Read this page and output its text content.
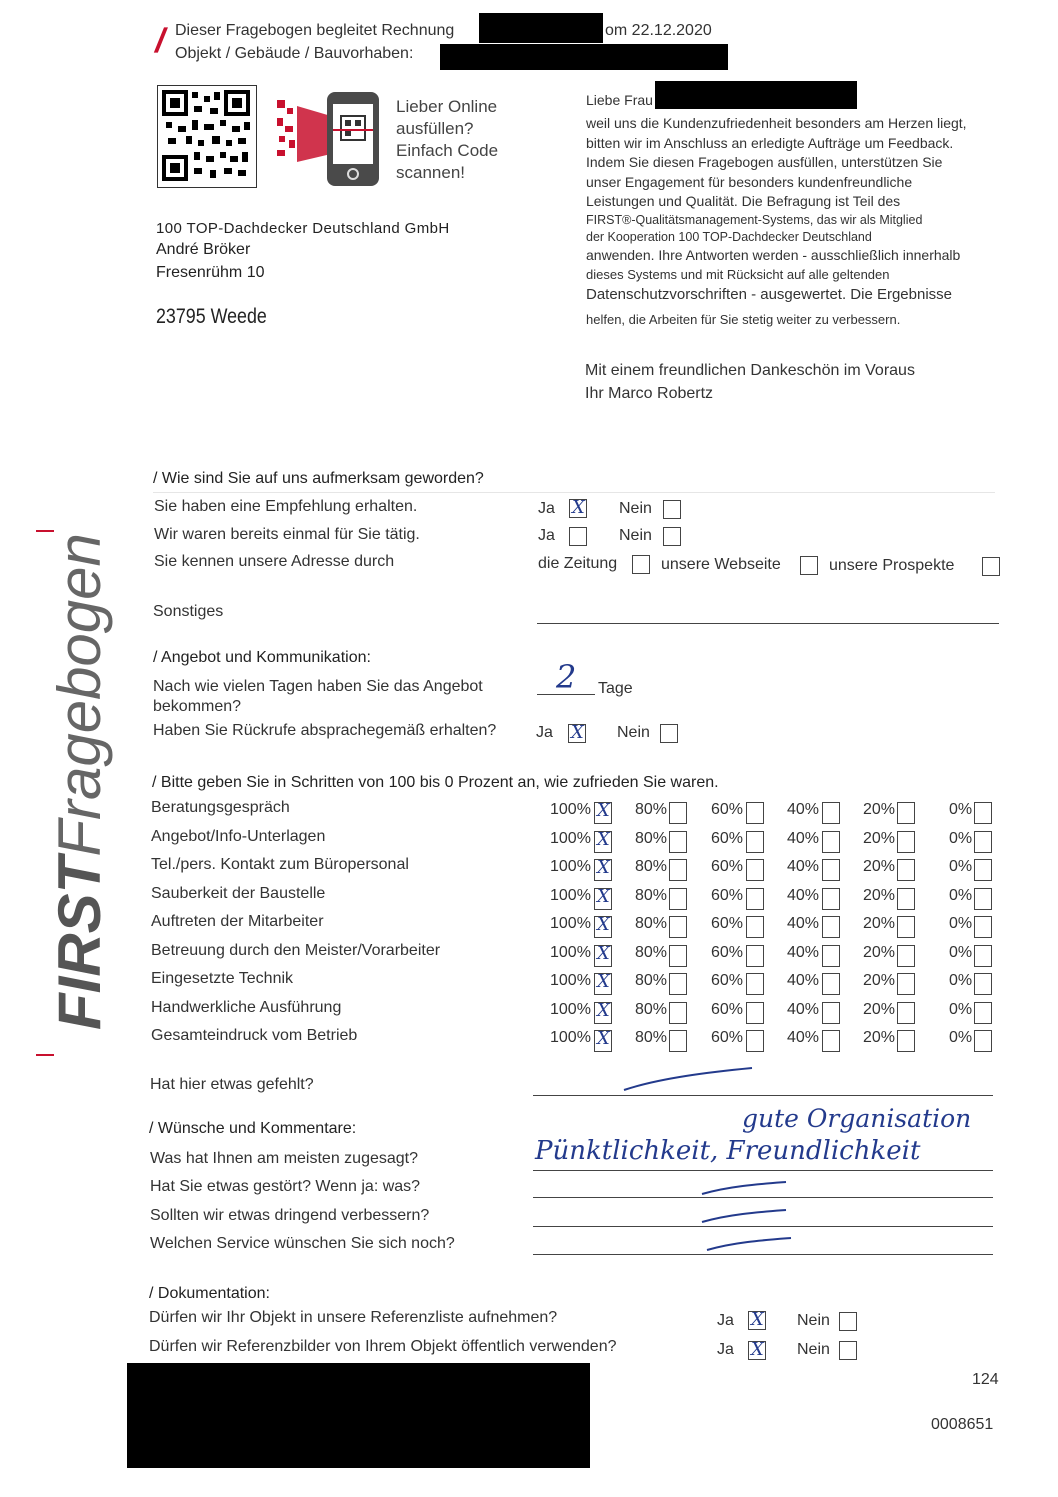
/ Dieser Fragebogen begleitet Rechnung	om 22.12.2020
Objekt / Gebäude / Bauvorhaben:
Lieber Online
ausfüllen?
Einfach Code
scannen!
100 TOP-Dachdecker Deutschland GmbH
André Bröker
Fresenrühm 10
23795 Weede
Liebe Frau
weil uns die Kundenzufriedenheit besonders am Herzen liegt,
bitten wir im Anschluss an erledigte Aufträge um Feedback.
Indem Sie diesen Fragebogen ausfüllen, unterstützen Sie
unser Engagement für besonders kundenfreundliche
Leistungen und Qualität. Die Befragung ist Teil des
FIRST®-Qualitätsmanagement-Systems, das wir als Mitglied
der Kooperation 100 TOP-Dachdecker Deutschland
anwenden. Ihre Antworten werden - ausschließlich innerhalb
dieses Systems und mit Rücksicht auf alle geltenden
Datenschutzvorschriften - ausgewertet. Die Ergebnisse
helfen, die Arbeiten für Sie stetig weiter zu verbessern.
Mit einem freundlichen Dankeschön im Voraus
Ihr Marco Robertz
FIRSTFragebogen
/ Wie sind Sie auf uns aufmerksam geworden?
Sie haben eine Empfehlung erhalten.	Ja X	Nein
Wir waren bereits einmal für Sie tätig.	Ja	Nein
Sie kennen unsere Adresse durch	die Zeitung	unsere Webseite	unsere Prospekte
Sonstiges
/ Angebot und Kommunikation:
Nach wie vielen Tagen haben Sie das Angebot
bekommen?
2 Tage
Haben Sie Rückrufe absprachegemäß erhalten? Ja X	Nein
/ Bitte geben Sie in Schritten von 100 bis 0 Prozent an, wie zufrieden Sie waren.
Beratungsgespräch	100% X	80%	60%	40%	20%	0%
Angebot/Info-Unterlagen	100% X	80%	60%	40%	20%	0%
Tel./pers. Kontakt zum Büropersonal	100% X	80%	60%	40%	20%	0%
Sauberkeit der Baustelle	100% X	80%	60%	40%	20%	0%
Auftreten der Mitarbeiter	100% X	80%	60%	40%	20%	0%
Betreuung durch den Meister/Vorarbeiter	100% X	80%	60%	40%	20%	0%
Eingesetzte Technik	100% X	80%	60%	40%	20%	0%
Handwerkliche Ausführung	100% X	80%	60%	40%	20%	0%
Gesamteindruck vom Betrieb	100% X	80%	60%	40%	20%	0%
Hat hier etwas gefehlt?
/ Wünsche und Kommentare:
Was hat Ihnen am meisten zugesagt?
Hat Sie etwas gestört? Wenn ja: was?
Sollten wir etwas dringend verbessern?
Welchen Service wünschen Sie sich noch?
gute Organisation
Pünktlichkeit, Freundlichkeit
/ Dokumentation:
Dürfen wir Ihr Objekt in unsere Referenzliste aufnehmen?	Ja X	Nein
Dürfen wir Referenzbilder von Ihrem Objekt öffentlich verwenden?	Ja X	Nein
124
0008651
